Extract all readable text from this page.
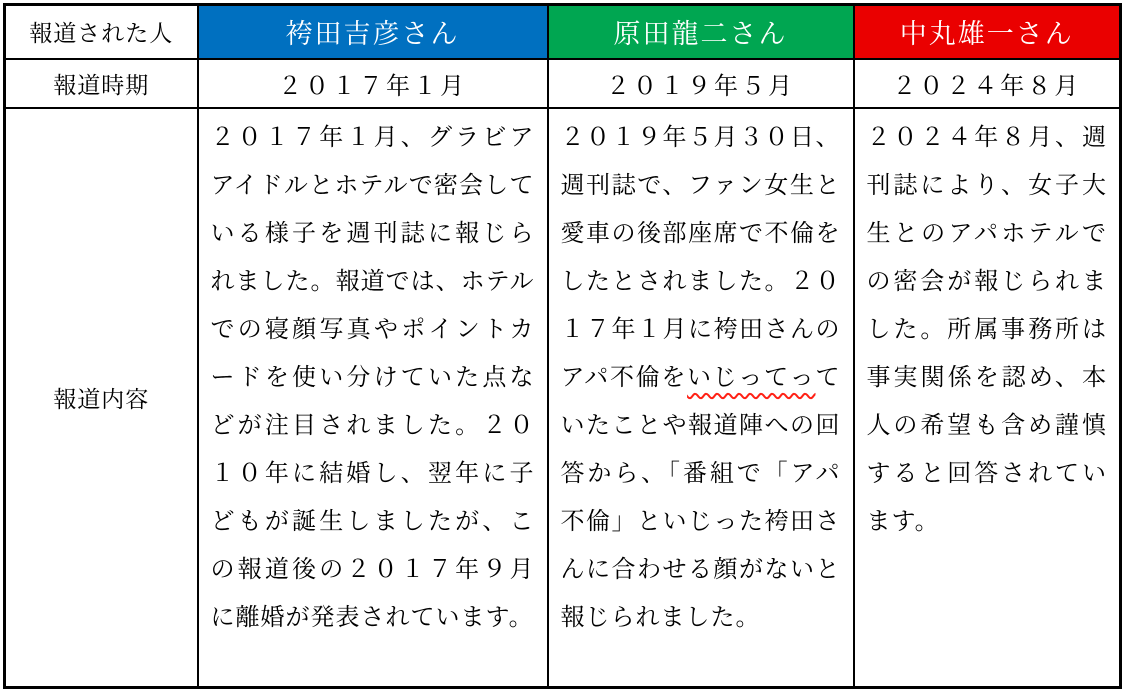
報道された人	袴田吉彦さん	原田龍二さん	中丸雄一さん
報道時期	２０１７年１月	２０１９年５月	２０２４年８月
報道内容	２０１７年１月、グラビアアイドルとホテルで密会している様子を週刊誌に報じられました。報道では、ホテルでの寝顔写真やポイントカードを使い分けていた点などが注目されました。２０１０年に結婚し、翌年に子どもが誕生しましたが、この報道後の２０１７年９月に離婚が発表されています。	２０１９年５月３０日、週刊誌で、ファン女生と愛車の後部座席で不倫をしたとされました。２０１７年１月に袴田さんのアパ不倫をいじってっていたことや報道陣への回答から、「番組で「アパ不倫」といじった袴田さんに合わせる顔がないと報じられました。	２０２４年８月、週刊誌により、女子大生とのアパホテルでの密会が報じられました。所属事務所は事実関係を認め、本人の希望も含め謹慎すると回答されています。
